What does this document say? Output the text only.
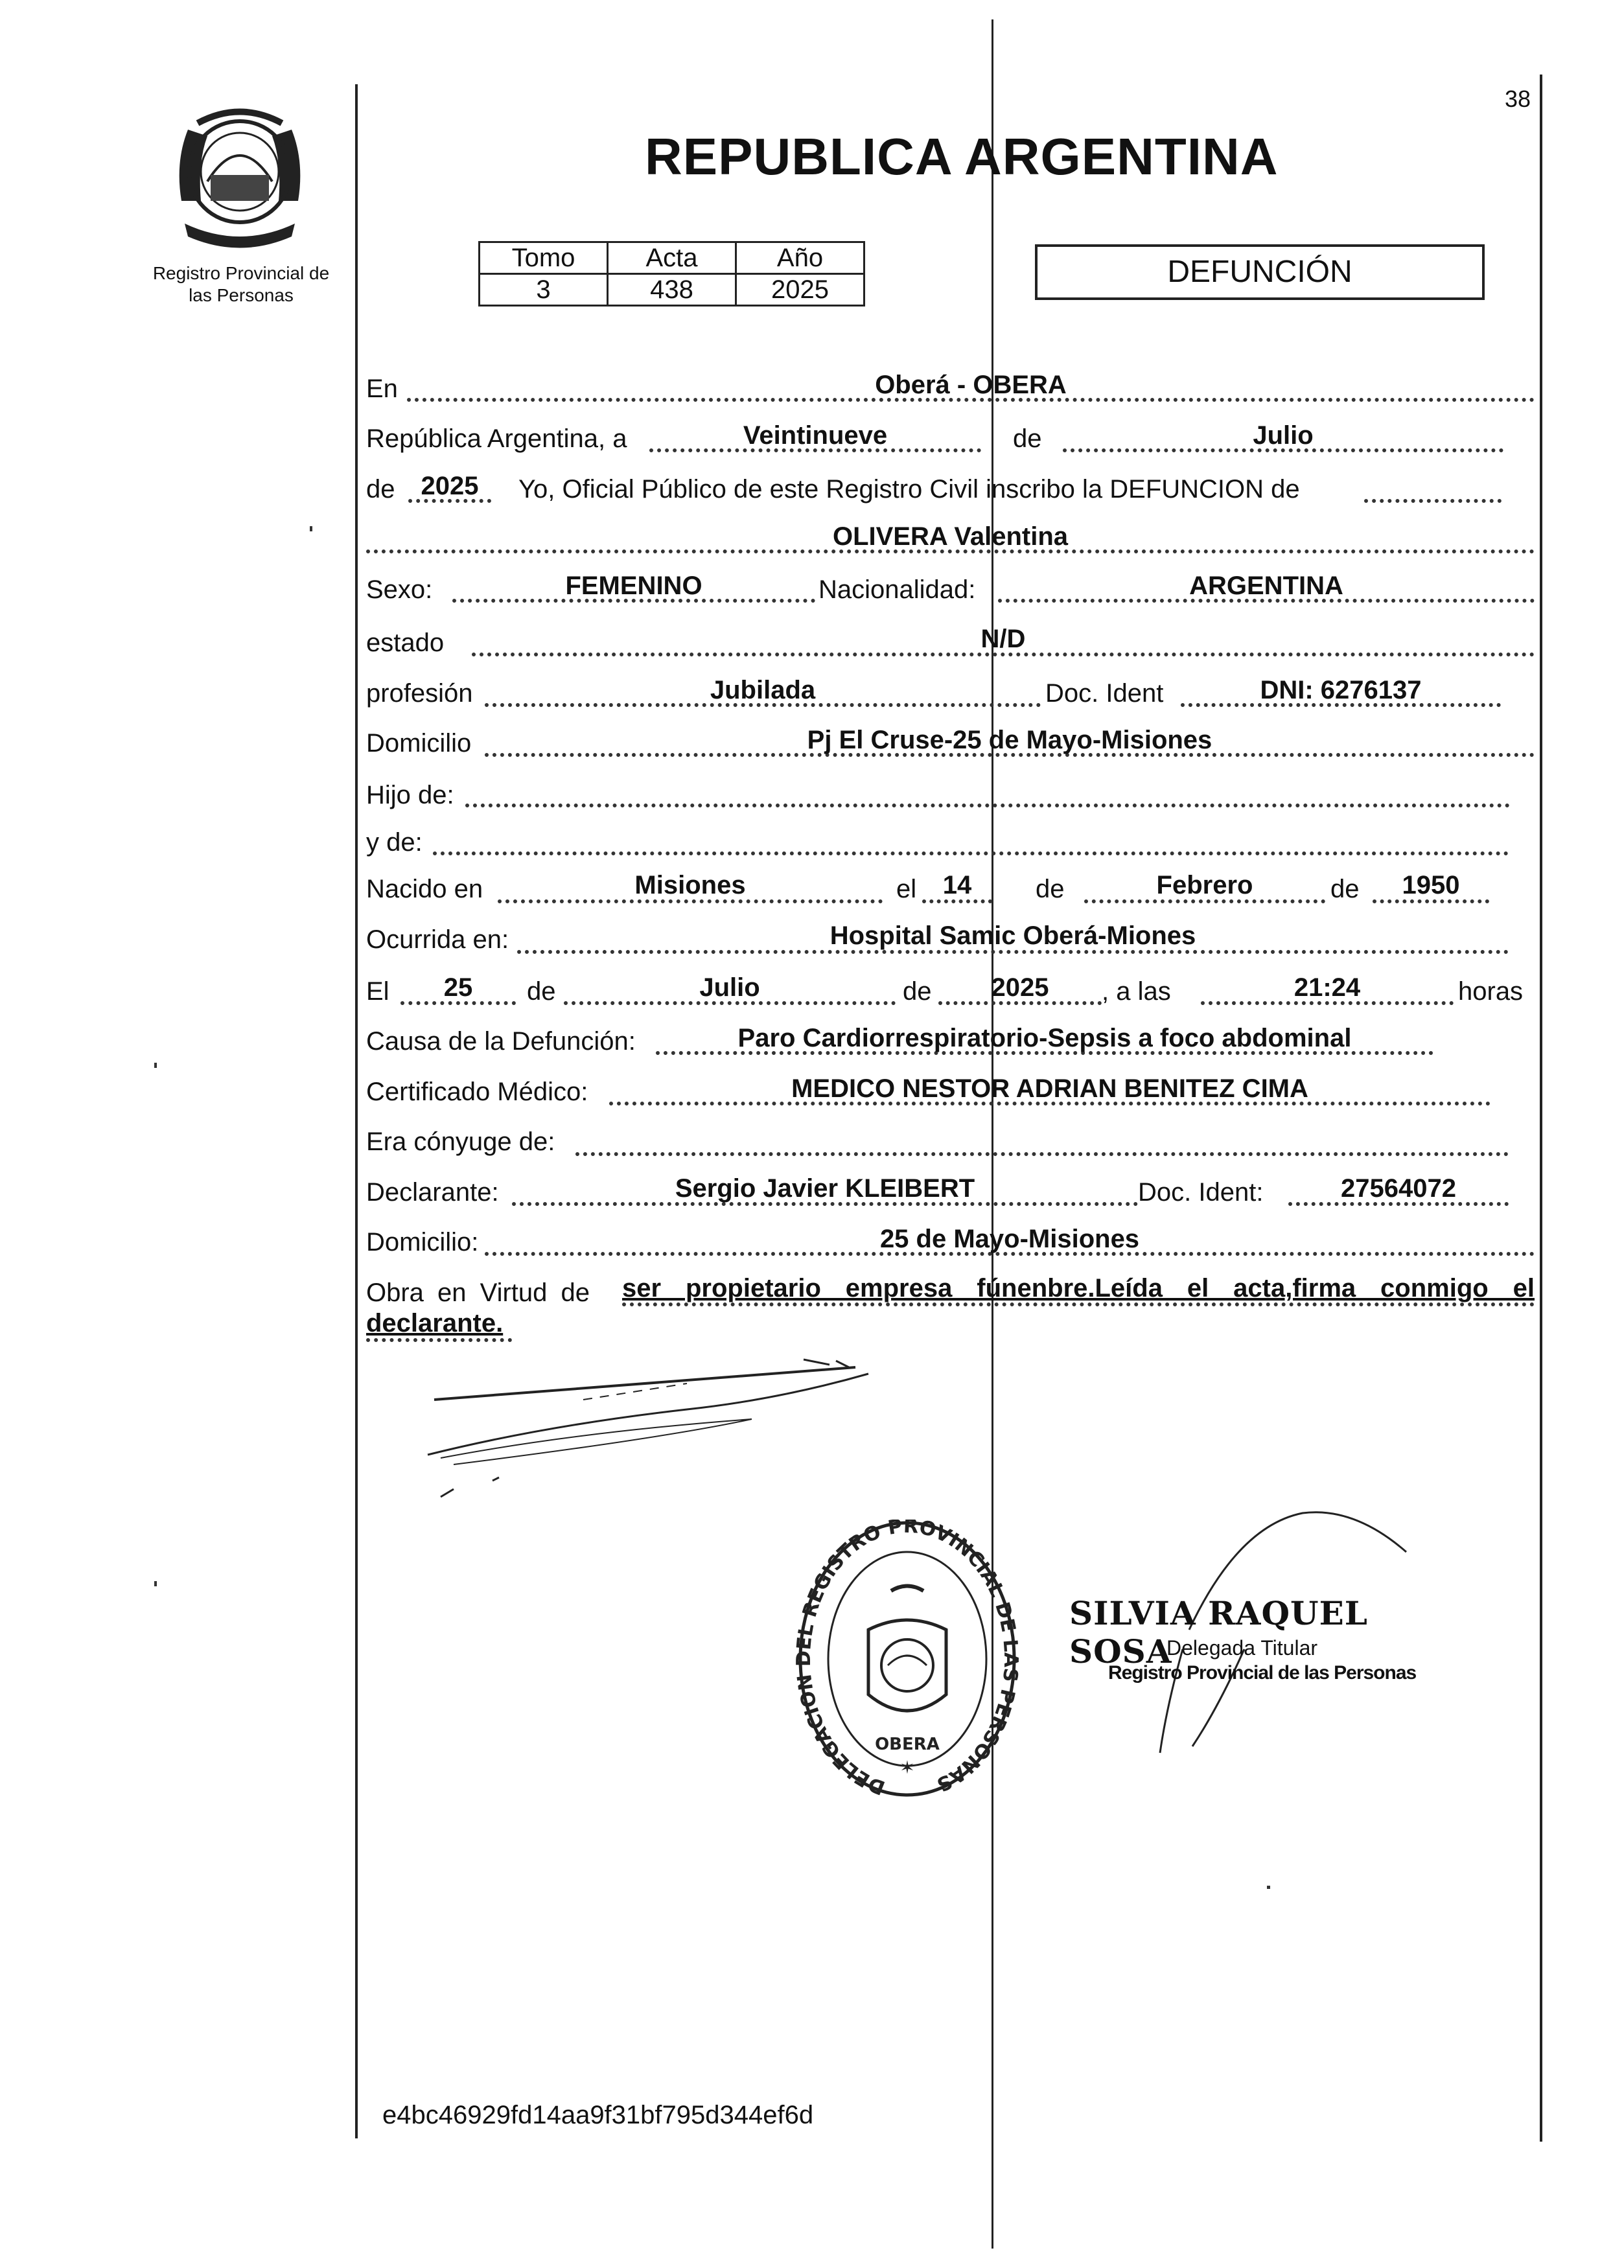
38
Registro Provincial de
las Personas
REPUBLICA ARGENTINA
Tomo	Acta	Año
3	438	2025
DEFUNCIÓN
En	Oberá - OBERA
República Argentina, a	Veintinueve	de	Julio
de	2025	Yo, Oficial Público de este Registro Civil inscribo la DEFUNCION de
OLIVERA Valentina
Sexo:	FEMENINO	Nacionalidad:	ARGENTINA
estado	N/D
profesión	Jubilada	Doc. Ident	DNI: 6276137
Domicilio	Pj El Cruse-25 de Mayo-Misiones
Hijo de:
y de:
Nacido en	Misiones	el	14	de	Febrero	de	1950
Ocurrida en:	Hospital Samic Oberá-Miones
El	25	de	Julio	de	2025	, a las	21:24	horas
Causa de la Defunción:	Paro Cardiorrespiratorio-Sepsis a foco abdominal
Certificado Médico:	MEDICO NESTOR ADRIAN BENITEZ CIMA
Era cónyuge de:
Declarante:	Sergio Javier KLEIBERT	Doc. Ident:	27564072
Domicilio:	25 de Mayo-Misiones
Obra en Virtud de ser propietario empresa fúnenbre.Leída el acta,firma conmigo el
declarante.
DELEGACION DEL REGISTRO PROVINCIAL DE LAS PERSONAS
OBERA
✶
SILVIA RAQUEL SOSA
Delegada Titular
Registro Provincial de las Personas
e4bc46929fd14aa9f31bf795d344ef6d
